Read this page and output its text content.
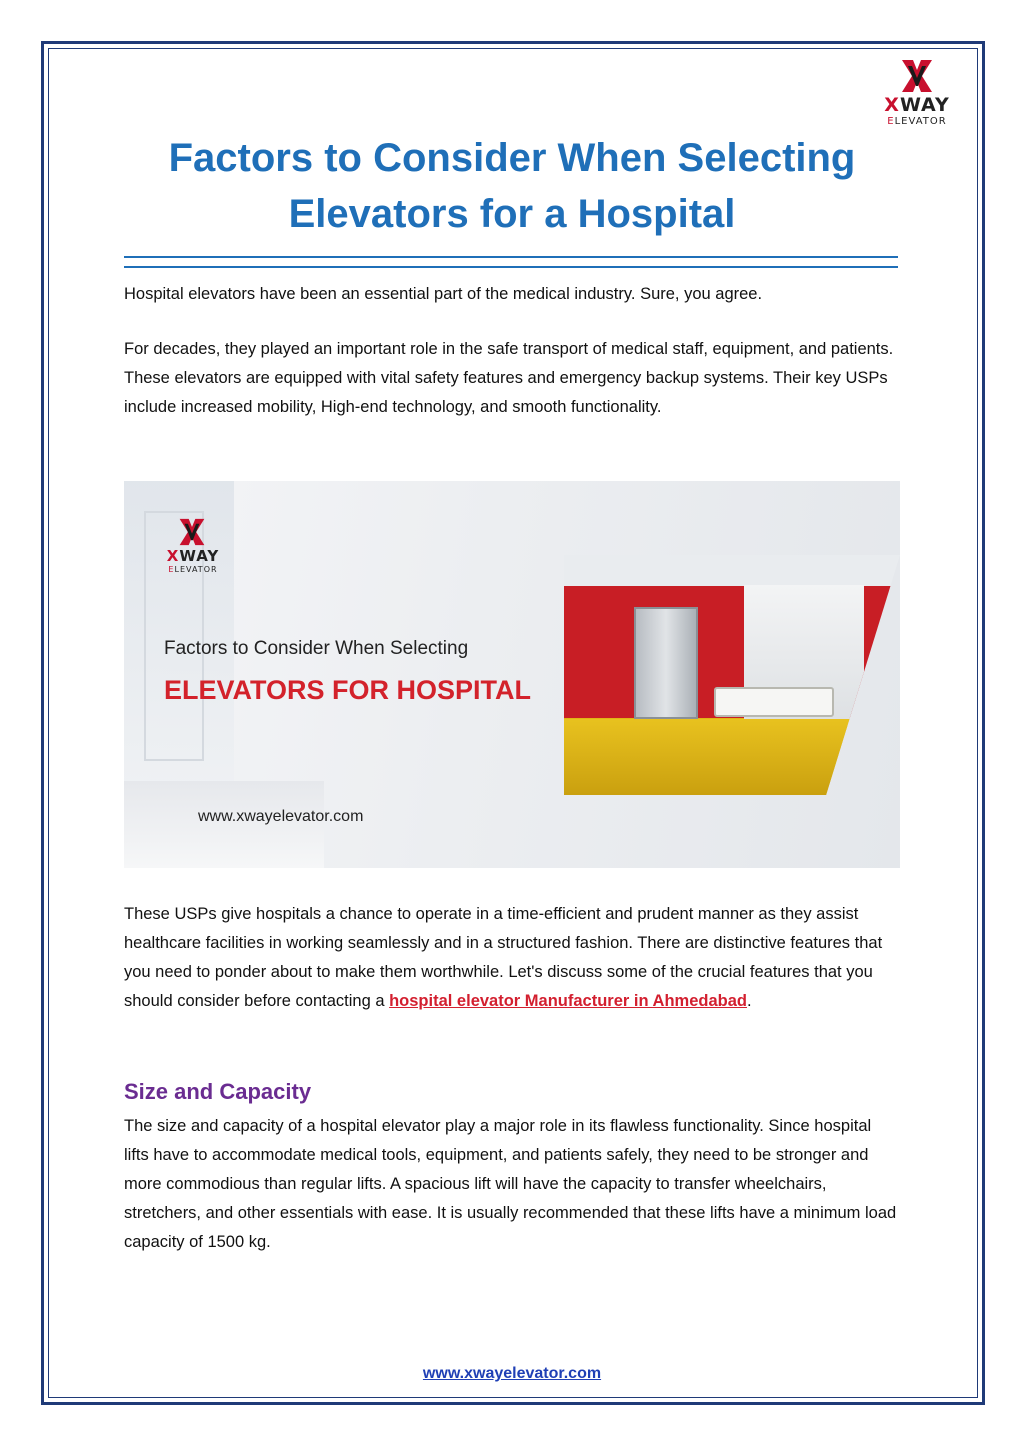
XWAY
ELEVATOR
Factors to Consider When Selecting
Elevators for a Hospital

Hospital elevators have been an essential part of the medical industry. Sure, you agree.

For decades, they played an important role in the safe transport of medical staff, equipment, and patients. These elevators are equipped with vital safety features and emergency backup systems. Their key USPs include increased mobility, High-end technology, and smooth functionality.

XWAY
ELEVATOR
Factors to Consider When Selecting
ELEVATORS FOR HOSPITAL
www.xwayelevator.com

These USPs give hospitals a chance to operate in a time-efficient and prudent manner as they assist healthcare facilities in working seamlessly and in a structured fashion. There are distinctive features that you need to ponder about to make them worthwhile. Let's discuss some of the crucial features that you should consider before contacting a hospital elevator Manufacturer in Ahmedabad.

Size and Capacity

The size and capacity of a hospital elevator play a major role in its flawless functionality. Since hospital lifts have to accommodate medical tools, equipment, and patients safely, they need to be stronger and more commodious than regular lifts. A spacious lift will have the capacity to transfer wheelchairs, stretchers, and other essentials with ease. It is usually recommended that these lifts have a minimum load capacity of 1500 kg.

www.xwayelevator.com
